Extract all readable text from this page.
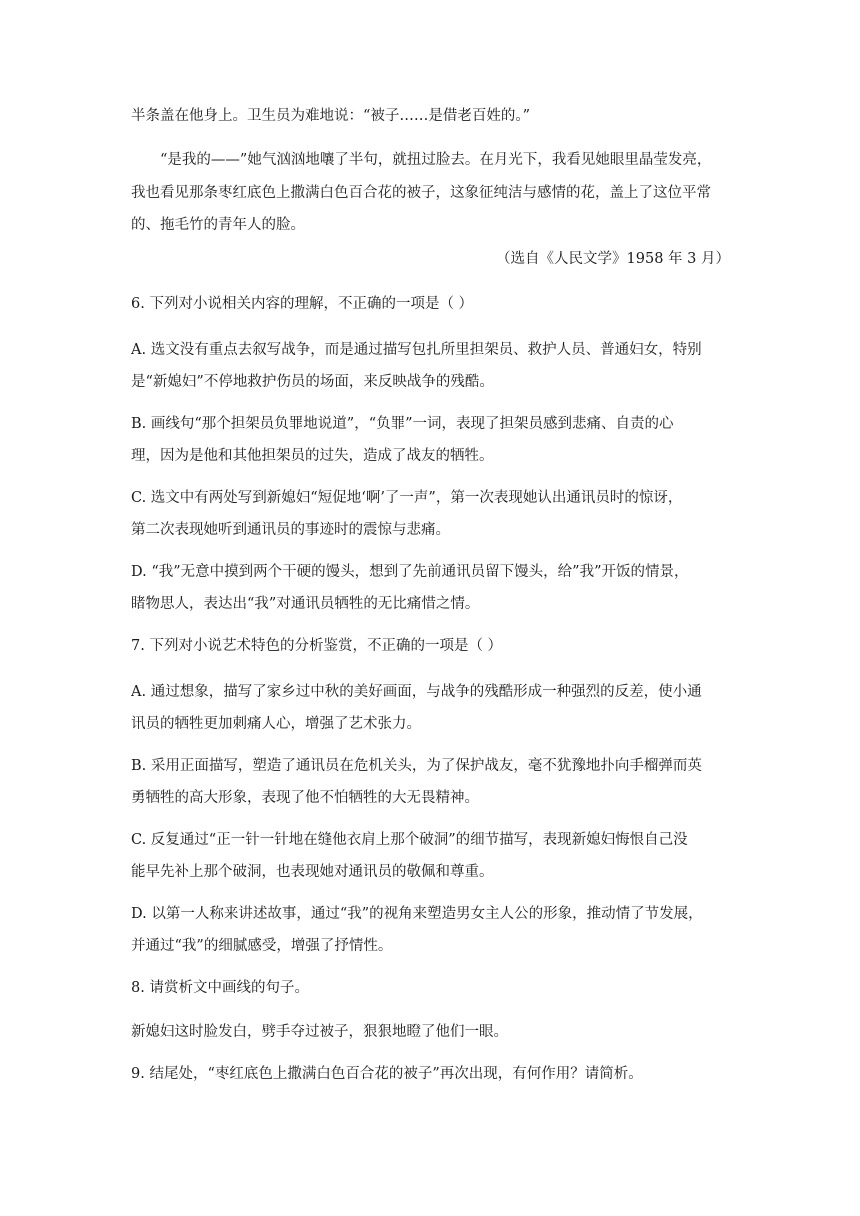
半条盖在他身上。卫生员为难地说：“被子……是借老百姓的。”
“是我的——”她气汹汹地嚷了半句，就扭过脸去。在月光下，我看见她眼里晶莹发亮，
我也看见那条枣红底色上撒满白色百合花的被子，这象征纯洁与感情的花，盖上了这位平常
的、拖毛竹的青年人的脸。
（选自《人民文学》1958 年 3 月）
6. 下列对小说相关内容的理解，不正确的一项是（ ）
A. 选文没有重点去叙写战争，而是通过描写包扎所里担架员、救护人员、普通妇女，特别
是“新媳妇”不停地救护伤员的场面，来反映战争的残酷。
B. 画线句“那个担架员负罪地说道”，“负罪”一词，表现了担架员感到悲痛、自责的心
理，因为是他和其他担架员的过失，造成了战友的牺牲。
C. 选文中有两处写到新媳妇“短促地‘啊’了一声”，第一次表现她认出通讯员时的惊讶，
第二次表现她听到通讯员的事迹时的震惊与悲痛。
D. “我”无意中摸到两个干硬的馒头，想到了先前通讯员留下馒头，给”我”开饭的情景，
睹物思人，表达出“我”对通讯员牺牲的无比痛惜之情。
7. 下列对小说艺术特色的分析鉴赏，不正确的一项是（ ）
A. 通过想象，描写了家乡过中秋的美好画面，与战争的残酷形成一种强烈的反差，使小通
讯员的牺牲更加刺痛人心，增强了艺术张力。
B. 采用正面描写，塑造了通讯员在危机关头，为了保护战友，毫不犹豫地扑向手榴弹而英
勇牺牲的高大形象，表现了他不怕牺牲的大无畏精神。
C. 反复通过“正一针一针地在缝他衣肩上那个破洞”的细节描写，表现新媳妇悔恨自己没
能早先补上那个破洞，也表现她对通讯员的敬佩和尊重。
D. 以第一人称来讲述故事，通过“我”的视角来塑造男女主人公的形象，推动情了节发展，
并通过“我”的细腻感受，增强了抒情性。
8. 请赏析文中画线的句子。
新媳妇这时脸发白，劈手夺过被子，狠狠地瞪了他们一眼。
9. 结尾处，“枣红底色上撒满白色百合花的被子”再次出现，有何作用？请简析。
